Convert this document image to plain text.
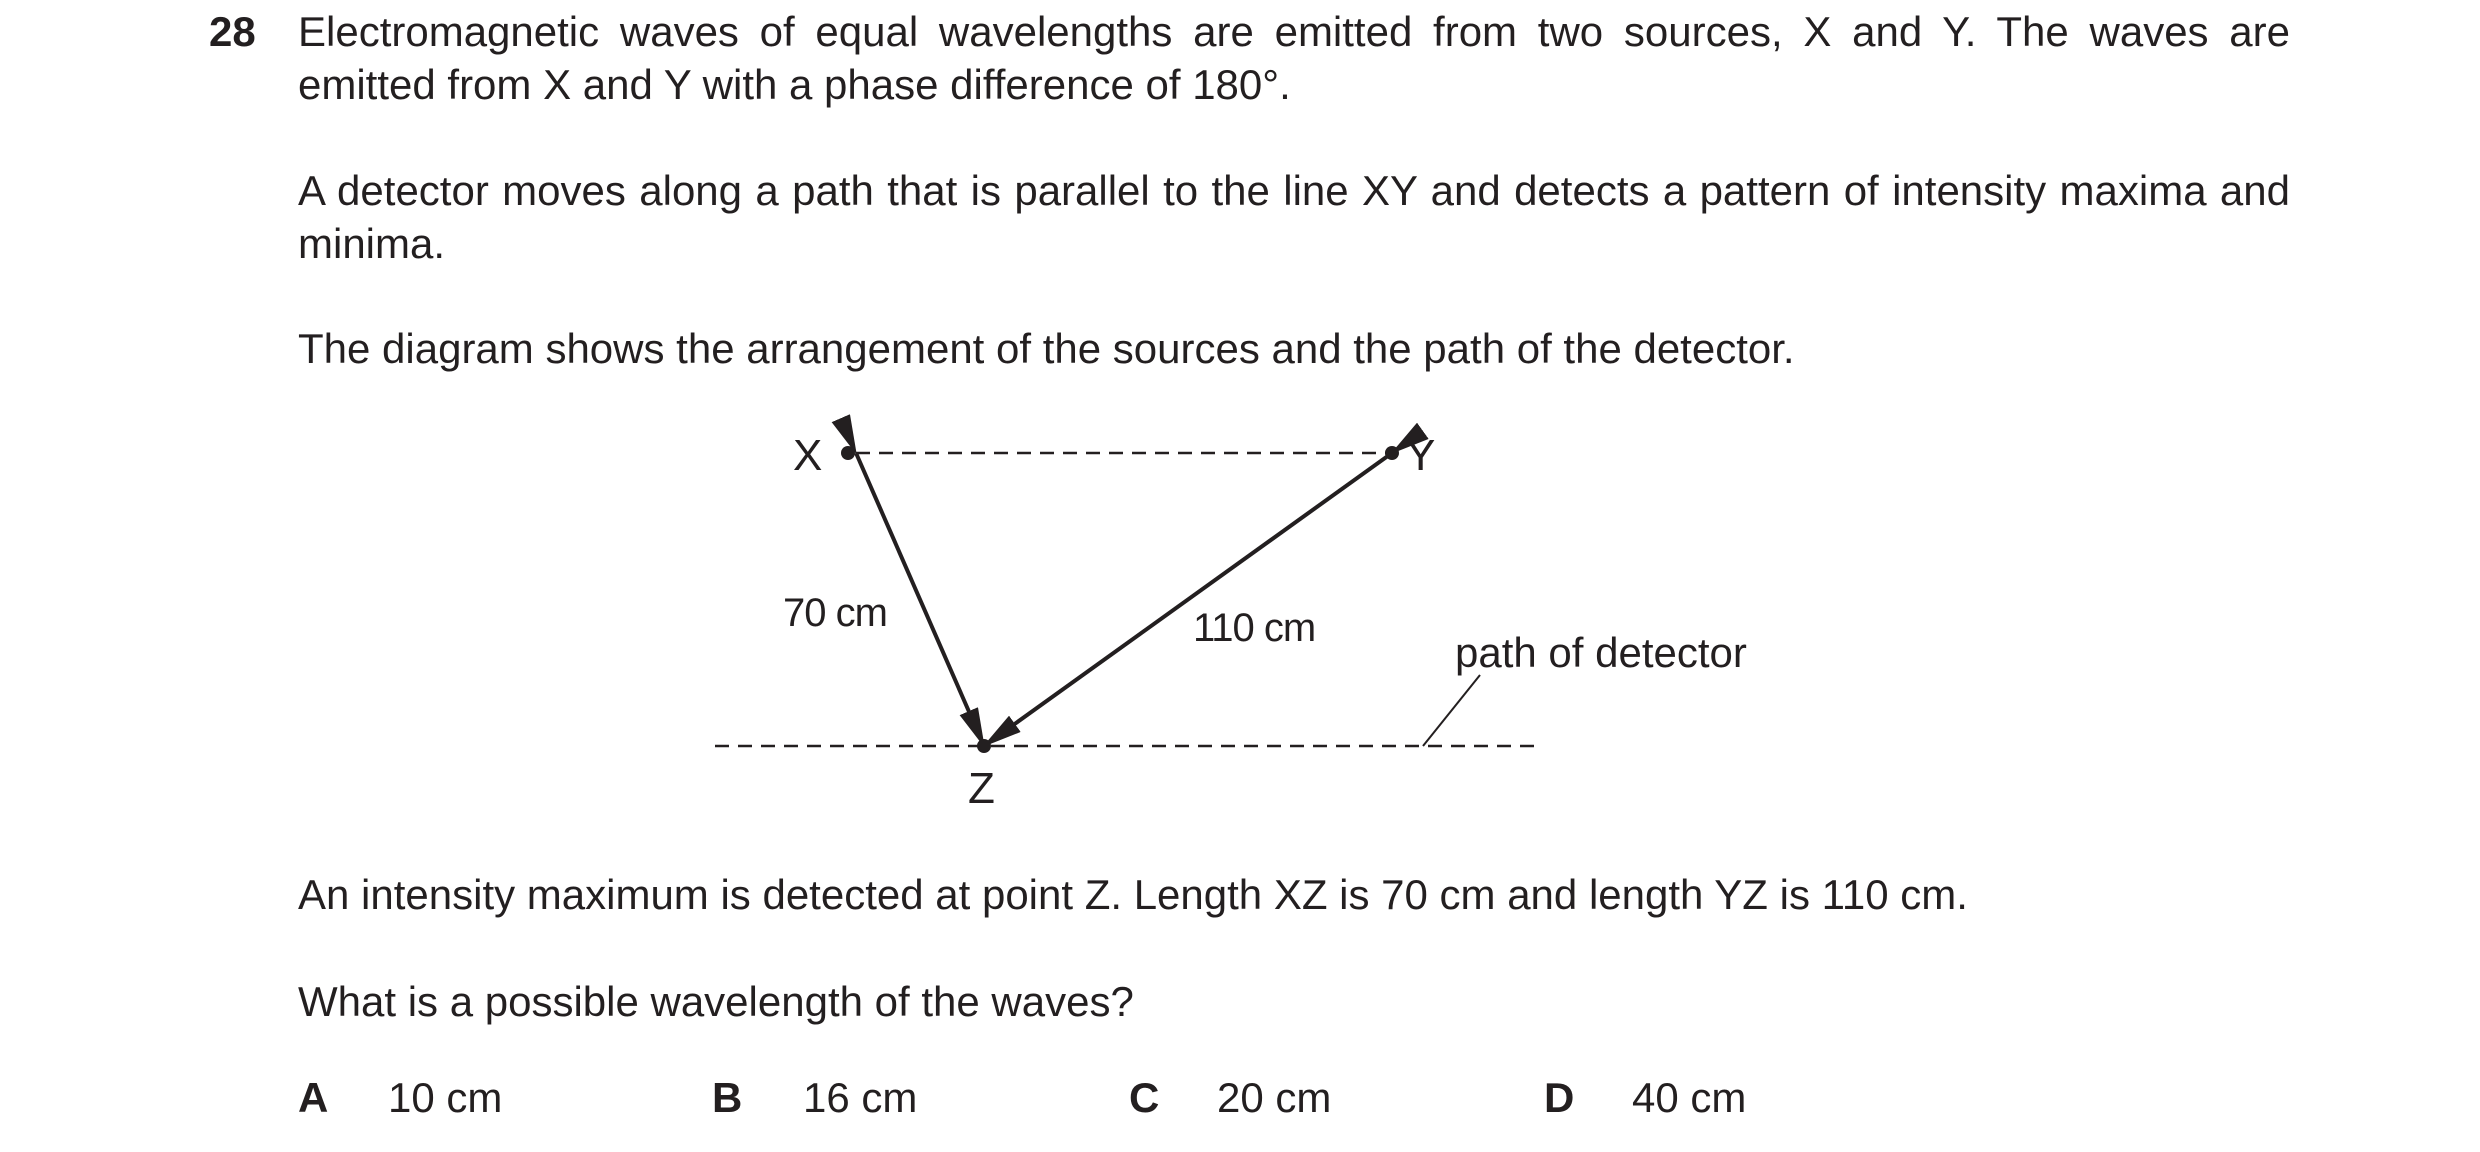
28 Electromagnetic waves of equal wavelengths are emitted from two sources, X and Y. The waves are emitted from X and Y with a phase difference of 180°.

A detector moves along a path that is parallel to the line XY and detects a pattern of intensity maxima and minima.

The diagram shows the arrangement of the sources and the path of the detector.

X	Y
Z
70 cm	110 cm
path of detector

An intensity maximum is detected at point Z. Length XZ is 70 cm and length YZ is 110 cm.

What is a possible wavelength of the waves?

A 10 cm	B 16 cm	C 20 cm	D 40 cm
